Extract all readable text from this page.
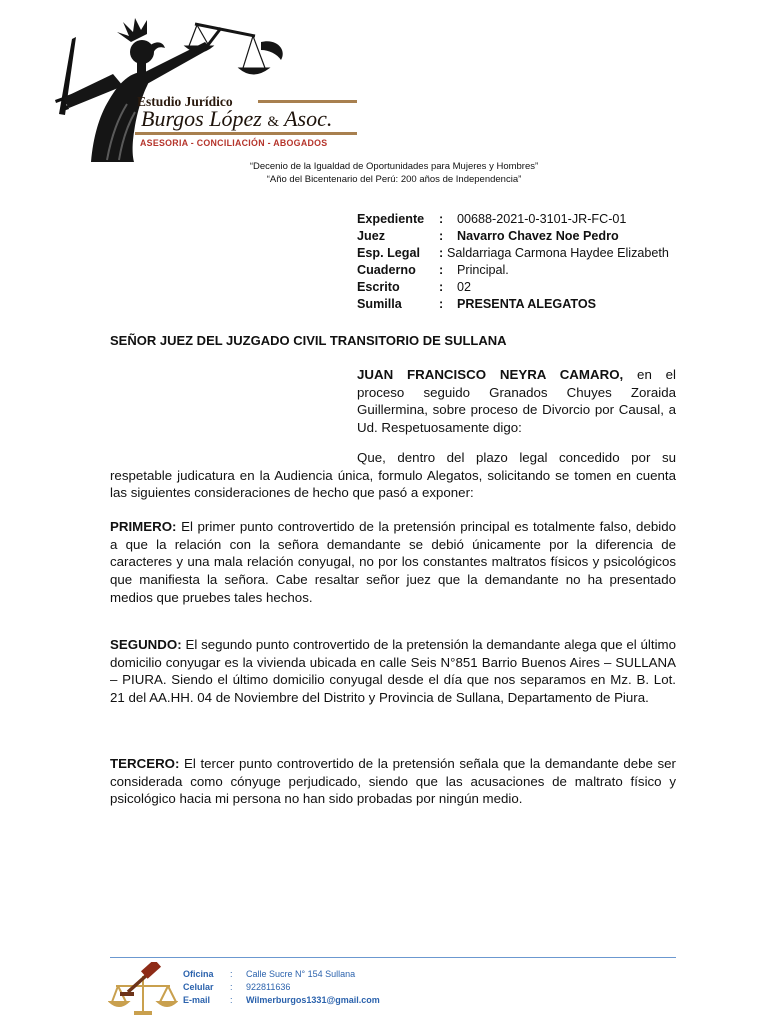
Estudio Jurídico
Burgos López & Asoc.
ASESORIA - CONCILIACIÓN - ABOGADOS
“Decenio de la Igualdad de Oportunidades para Mujeres y Hombres”
“Año del Bicentenario del Perú: 200 años de Independencia”
Expediente	:	00688-2021-0-3101-JR-FC-01
Juez	:	Navarro Chavez Noe Pedro
Esp. Legal	: Saldarriaga Carmona Haydee Elizabeth
Cuaderno	:	Principal.
Escrito	:	02
Sumilla	:	PRESENTA ALEGATOS
SEÑOR JUEZ DEL JUZGADO CIVIL TRANSITORIO DE SULLANA

JUAN FRANCISCO NEYRA CAMARO, en el proceso seguido Granados Chuyes Zoraida Guillermina, sobre proceso de Divorcio por Causal, a Ud. Respetuosamente digo:

Que, dentro del plazo legal concedido por su respetable judicatura en la Audiencia única, formulo Alegatos, solicitando se tomen en cuenta las siguientes consideraciones de hecho que pasó a exponer:

PRIMERO: El primer punto controvertido de la pretensión principal es totalmente falso, debido a que la relación con la señora demandante se debió únicamente por la diferencia de caracteres y una mala relación conyugal, no por los constantes maltratos físicos y psicológicos que manifiesta la señora. Cabe resaltar señor juez que la demandante no ha presentado medios que pruebes tales hechos.

SEGUNDO: El segundo punto controvertido de la pretensión la demandante alega que el último domicilio conyugar es la vivienda ubicada en calle Seis N°851 Barrio Buenos Aires – SULLANA – PIURA. Siendo el último domicilio conyugal desde el día que nos separamos en Mz. B. Lot. 21 del AA.HH. 04 de Noviembre del Distrito y Provincia de Sullana, Departamento de Piura.

TERCERO: El tercer punto controvertido de la pretensión señala que la demandante debe ser considerada como cónyuge perjudicado, siendo que las acusaciones de maltrato físico y psicológico hacia mi persona no han sido probadas por ningún medio.

Oficina	:	Calle Sucre N° 154 Sullana
Celular	:	922811636
E-mail	:	Wilmerburgos1331@gmail.com
